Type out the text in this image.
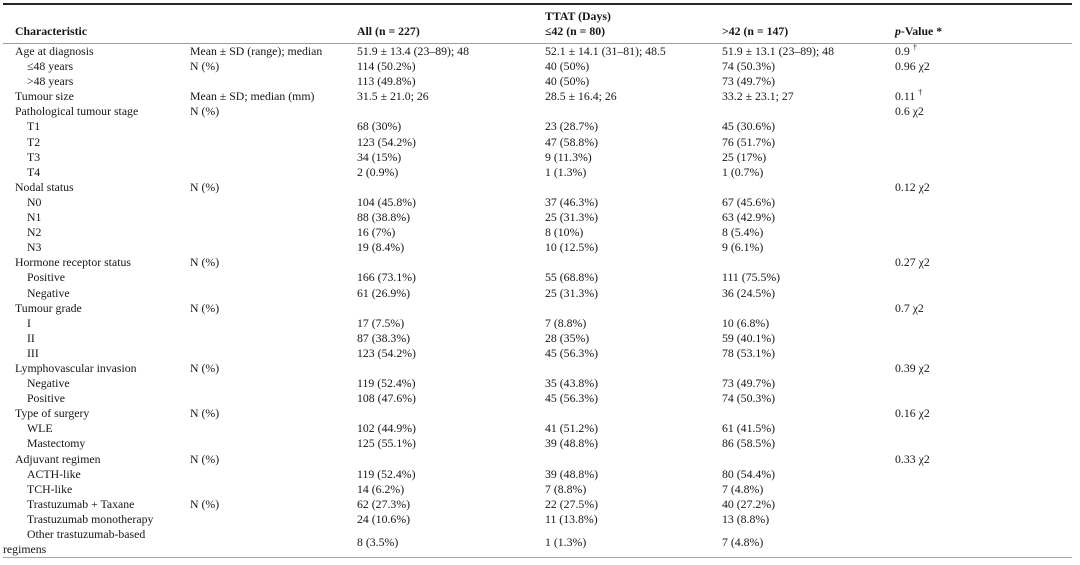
			TTAT (Days)		
Characteristic		All (n = 227)	≤42 (n = 80)	>42 (n = 147)	p-Value *
Age at diagnosis	Mean ± SD (range); median	51.9 ± 13.4 (23–89); 48	52.1 ± 14.1 (31–81); 48.5	51.9 ± 13.1 (23–89); 48	0.9 †
≤48 years	N (%)	114 (50.2%)	40 (50%)	74 (50.3%)	0.96 χ2
>48 years		113 (49.8%)	40 (50%)	73 (49.7%)	
Tumour size	Mean ± SD; median (mm)	31.5 ± 21.0; 26	28.5 ± 16.4; 26	33.2 ± 23.1; 27	0.11 †
Pathological tumour stage	N (%)				0.6 χ2
T1		68 (30%)	23 (28.7%)	45 (30.6%)	
T2		123 (54.2%)	47 (58.8%)	76 (51.7%)	
T3		34 (15%)	9 (11.3%)	25 (17%)	
T4		2 (0.9%)	1 (1.3%)	1 (0.7%)	
Nodal status	N (%)				0.12 χ2
N0		104 (45.8%)	37 (46.3%)	67 (45.6%)	
N1		88 (38.8%)	25 (31.3%)	63 (42.9%)	
N2		16 (7%)	8 (10%)	8 (5.4%)	
N3		19 (8.4%)	10 (12.5%)	9 (6.1%)	
Hormone receptor status	N (%)				0.27 χ2
Positive		166 (73.1%)	55 (68.8%)	111 (75.5%)	
Negative		61 (26.9%)	25 (31.3%)	36 (24.5%)	
Tumour grade	N (%)				0.7 χ2
I		17 (7.5%)	7 (8.8%)	10 (6.8%)	
II		87 (38.3%)	28 (35%)	59 (40.1%)	
III		123 (54.2%)	45 (56.3%)	78 (53.1%)	
Lymphovascular invasion	N (%)				0.39 χ2
Negative		119 (52.4%)	35 (43.8%)	73 (49.7%)	
Positive		108 (47.6%)	45 (56.3%)	74 (50.3%)	
Type of surgery	N (%)				0.16 χ2
WLE		102 (44.9%)	41 (51.2%)	61 (41.5%)	
Mastectomy		125 (55.1%)	39 (48.8%)	86 (58.5%)	
Adjuvant regimen	N (%)				0.33 χ2
ACTH-like		119 (52.4%)	39 (48.8%)	80 (54.4%)	
TCH-like		14 (6.2%)	7 (8.8%)	7 (4.8%)	
Trastuzumab + Taxane	N (%)	62 (27.3%)	22 (27.5%)	40 (27.2%)	
Trastuzumab monotherapy		24 (10.6%)	11 (13.8%)	13 (8.8%)	
Other trastuzumab-based regimens		8 (3.5%)	1 (1.3%)	7 (4.8%)	
